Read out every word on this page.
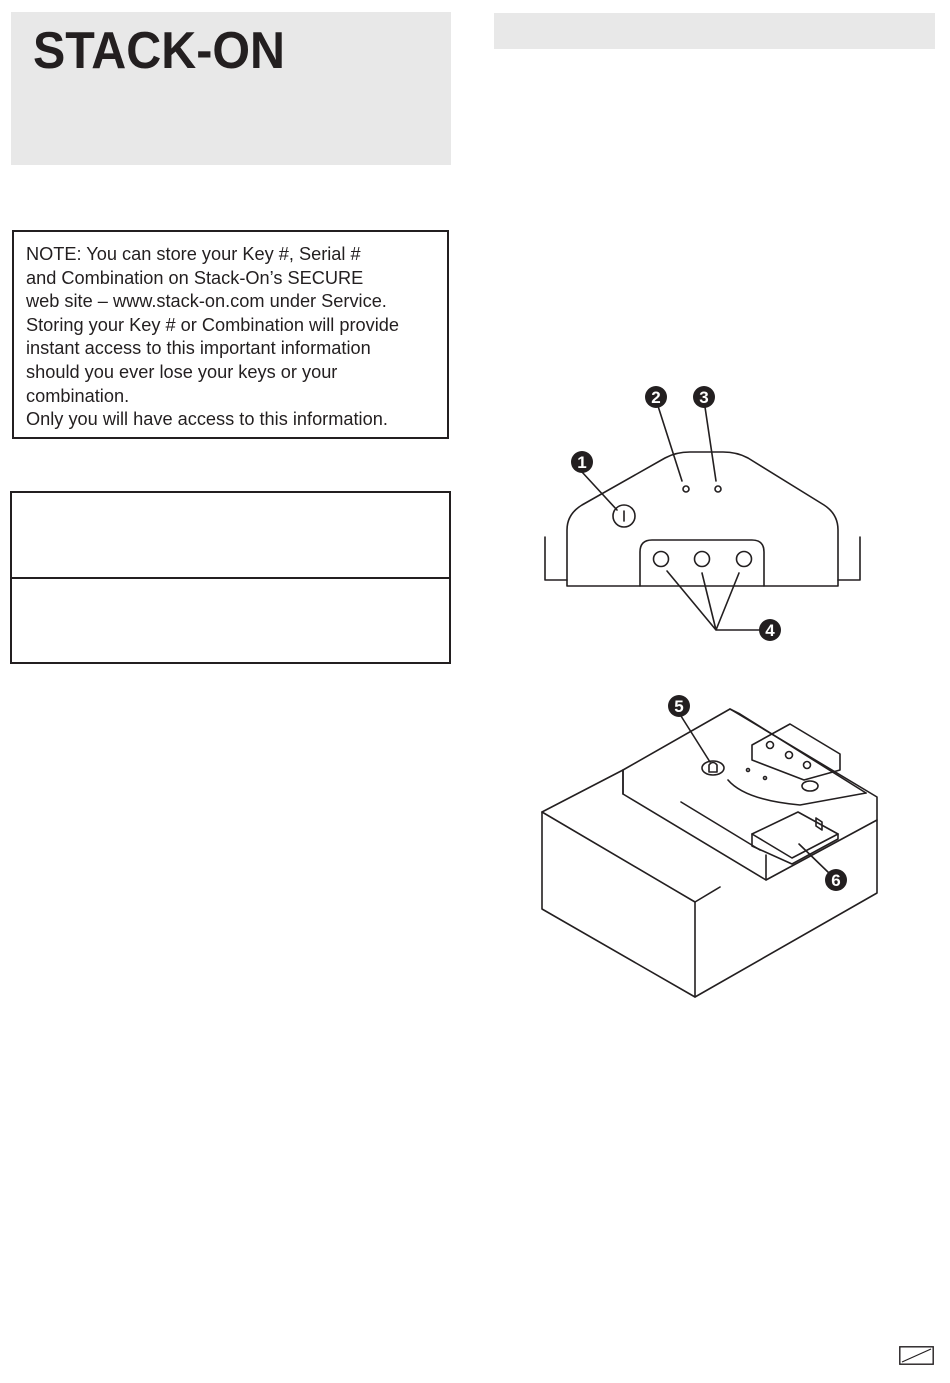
STACK-ON
NOTE: You can store your Key #, Serial #
and Combination on Stack-On’s SECURE
web site – www.stack-on.com under Service.
Storing your Key # or Combination will provide
instant access to this important information
should you ever lose your keys or your
combination.
Only you will have access to this information.
1
2 3
4
5
6
